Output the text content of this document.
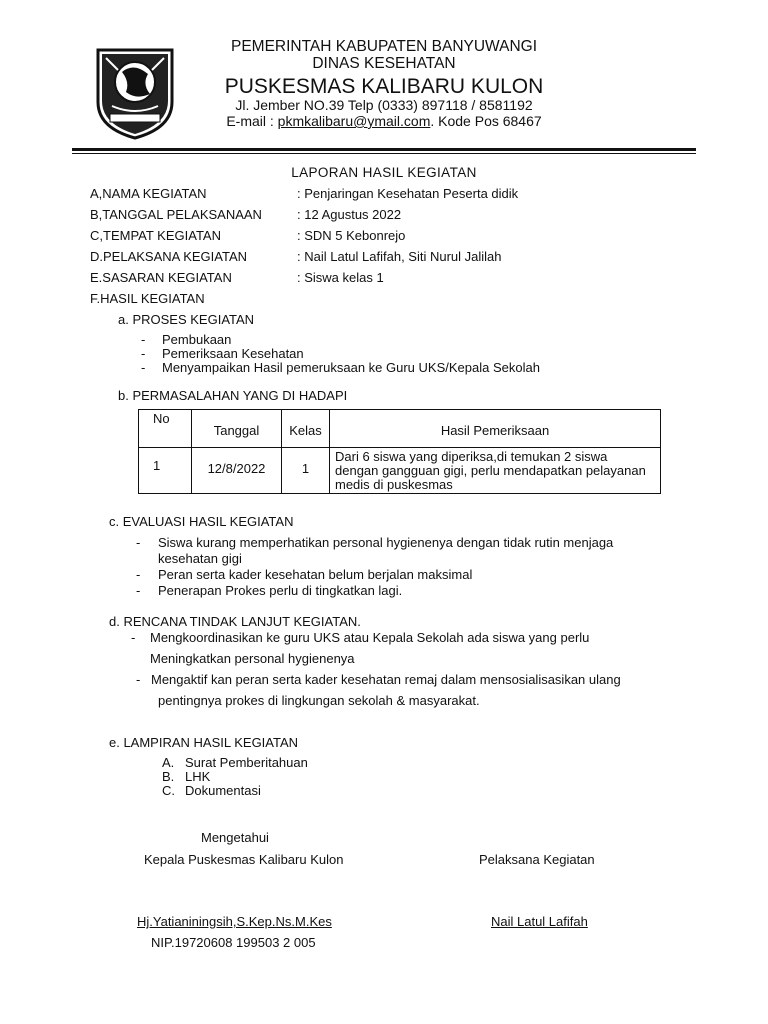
PEMERINTAH KABUPATEN BANYUWANGI
DINAS KESEHATAN
PUSKESMAS KALIBARU KULON
Jl. Jember NO.39 Telp (0333) 897118 / 8581192
E-mail : pkmkalibaru@ymail.com. Kode Pos 68467
LAPORAN HASIL KEGIATAN
A,NAMA KEGIATAN	: Penjaringan Kesehatan Peserta didik
B,TANGGAL PELAKSANAAN	: 12 Agustus 2022
C,TEMPAT KEGIATAN	: SDN 5 Kebonrejo
D.PELAKSANA KEGIATAN	: Nail Latul Lafifah, Siti Nurul Jalilah
E.SASARAN KEGIATAN	: Siswa kelas 1
F.HASIL KEGIATAN
a. PROSES KEGIATAN
- Pembukaan
- Pemeriksaan Kesehatan
- Menyampaikan Hasil pemeruksaan ke Guru UKS/Kepala Sekolah
b. PERMASALAHAN YANG DI HADAPI
No	Tanggal	Kelas	Hasil Pemeriksaan
1	12/8/2022	1	Dari 6 siswa yang diperiksa,di temukan 2 siswa
dengan gangguan gigi, perlu mendapatkan pelayanan
medis di puskesmas
c. EVALUASI HASIL KEGIATAN
- Siswa kurang memperhatikan personal hygienenya dengan tidak rutin menjaga
kesehatan gigi
- Peran serta kader kesehatan belum berjalan maksimal
- Penerapan Prokes perlu di tingkatkan lagi.
d. RENCANA TINDAK LANJUT KEGIATAN.
- Mengkoordinasikan ke guru UKS atau Kepala Sekolah ada siswa yang perlu
Meningkatkan personal hygienenya
- Mengaktif kan peran serta kader kesehatan remaj dalam mensosialisasikan ulang
pentingnya prokes di lingkungan sekolah & masyarakat.
e. LAMPIRAN HASIL KEGIATAN
A. Surat Pemberitahuan
B. LHK
C. Dokumentasi
Mengetahui
Kepala Puskesmas Kalibaru Kulon	Pelaksana Kegiatan
Hj.Yatianiningsih,S.Kep.Ns.M.Kes	Nail Latul Lafifah
NIP.19720608 199503 2 005
